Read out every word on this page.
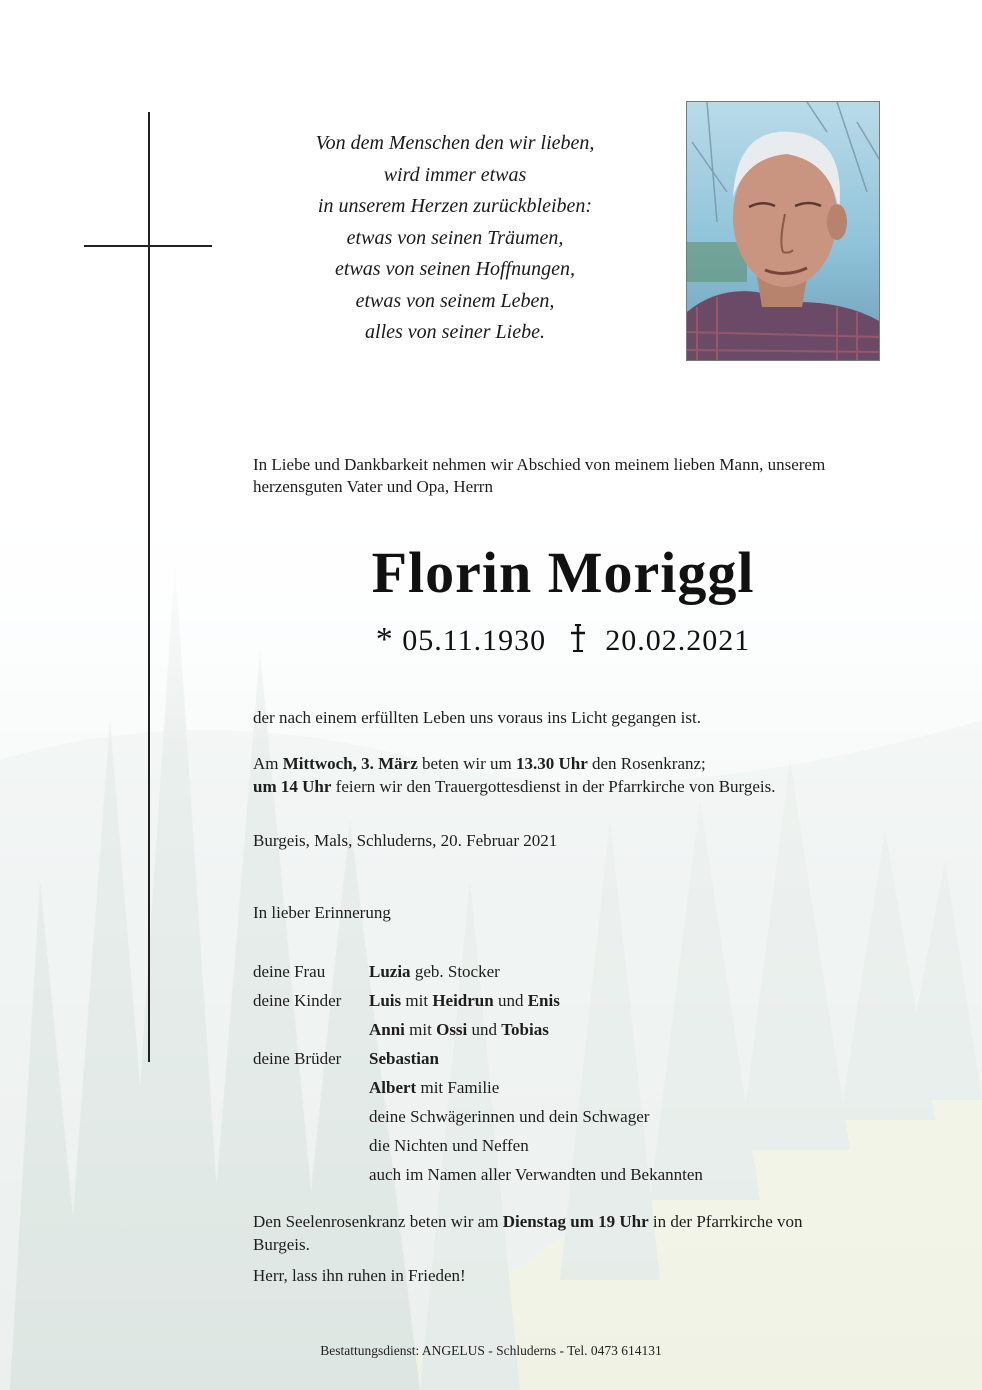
Von dem Menschen den wir lieben,
wird immer etwas
in unserem Herzen zurückbleiben:
etwas von seinen Träumen,
etwas von seinen Hoffnungen,
etwas von seinem Leben,
alles von seiner Liebe.
In Liebe und Dankbarkeit nehmen wir Abschied von meinem lieben Mann, unserem
herzensguten Vater und Opa, Herrn
Florin Moriggl
* 05.11.1930 20.02.2021
der nach einem erfüllten Leben uns voraus ins Licht gegangen ist.
Am Mittwoch, 3. März beten wir um 13.30 Uhr den Rosenkranz;
um 14 Uhr feiern wir den Trauergottesdienst in der Pfarrkirche von Burgeis.
Burgeis, Mals, Schluderns, 20. Februar 2021
In lieber Erinnerung
deine Frau	Luzia geb. Stocker
deine Kinder Luis mit Heidrun und Enis
Anni mit Ossi und Tobias
deine Brüder Sebastian
Albert mit Familie
deine Schwägerinnen und dein Schwager
die Nichten und Neffen
auch im Namen aller Verwandten und Bekannten
Den Seelenrosenkranz beten wir am Dienstag um 19 Uhr in der Pfarrkirche von
Burgeis.
Herr, lass ihn ruhen in Frieden!
Bestattungsdienst: ANGELUS - Schluderns - Tel. 0473 614131
